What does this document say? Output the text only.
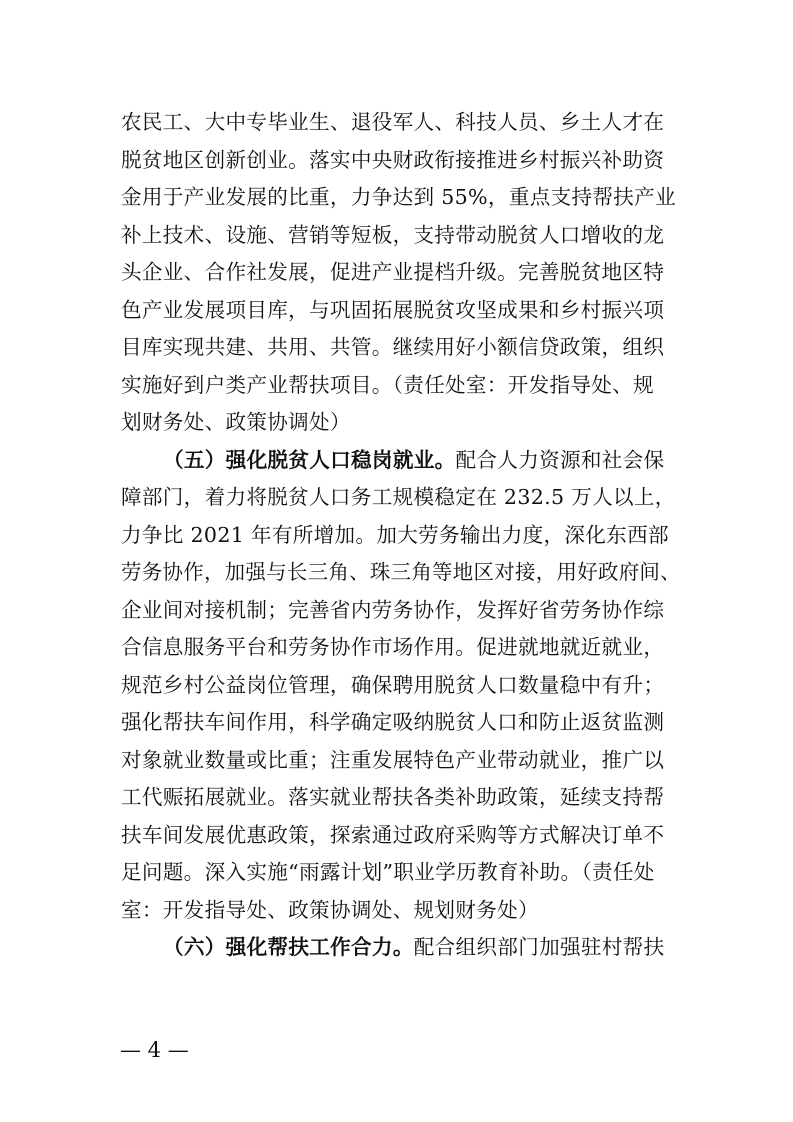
农民工、大中专毕业生、退役军人、科技人员、乡土人才在
脱贫地区创新创业。落实中央财政衔接推进乡村振兴补助资
金用于产业发展的比重，力争达到 55%，重点支持帮扶产业
补上技术、设施、营销等短板，支持带动脱贫人口增收的龙
头企业、合作社发展，促进产业提档升级。完善脱贫地区特
色产业发展项目库，与巩固拓展脱贫攻坚成果和乡村振兴项
目库实现共建、共用、共管。继续用好小额信贷政策，组织
实施好到户类产业帮扶项目。（责任处室：开发指导处、规
划财务处、政策协调处）
（五）强化脱贫人口稳岗就业。配合人力资源和社会保
障部门，着力将脱贫人口务工规模稳定在 232.5 万人以上，
力争比 2021 年有所增加。加大劳务输出力度，深化东西部
劳务协作，加强与长三角、珠三角等地区对接，用好政府间、
企业间对接机制；完善省内劳务协作，发挥好省劳务协作综
合信息服务平台和劳务协作市场作用。促进就地就近就业，
规范乡村公益岗位管理，确保聘用脱贫人口数量稳中有升；
强化帮扶车间作用，科学确定吸纳脱贫人口和防止返贫监测
对象就业数量或比重；注重发展特色产业带动就业，推广以
工代赈拓展就业。落实就业帮扶各类补助政策，延续支持帮
扶车间发展优惠政策，探索通过政府采购等方式解决订单不
足问题。深入实施“雨露计划”职业学历教育补助。（责任处
室：开发指导处、政策协调处、规划财务处）
（六）强化帮扶工作合力。配合组织部门加强驻村帮扶
— 4 —
